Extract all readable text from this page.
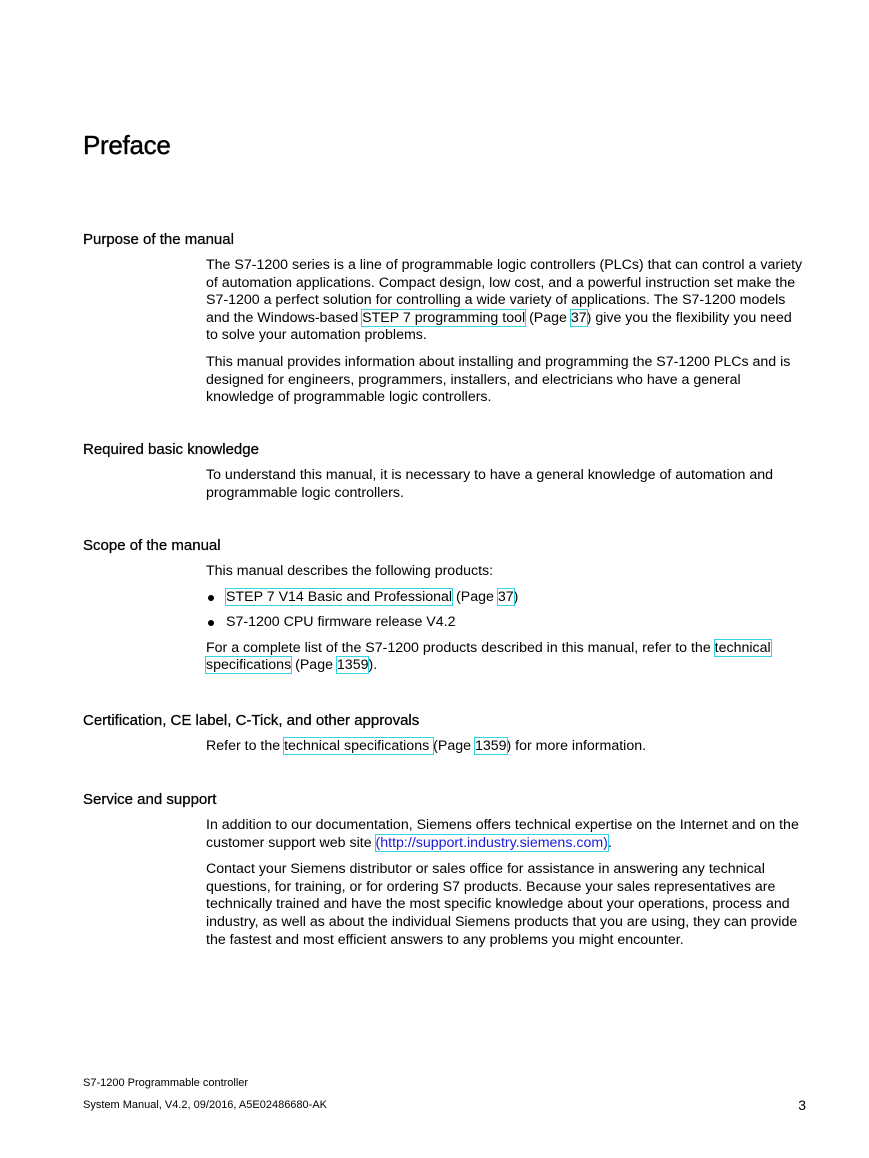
Preface
Purpose of the manual

The S7-1200 series is a line of programmable logic controllers (PLCs) that can control a variety of automation applications. Compact design, low cost, and a powerful instruction set make the S7-1200 a perfect solution for controlling a wide variety of applications. The S7-1200 models and the Windows-based STEP 7 programming tool (Page 37) give you the flexibility you need to solve your automation problems.

This manual provides information about installing and programming the S7-1200 PLCs and is designed for engineers, programmers, installers, and electricians who have a general knowledge of programmable logic controllers.

Required basic knowledge

To understand this manual, it is necessary to have a general knowledge of automation and programmable logic controllers.

Scope of the manual

This manual describes the following products:

STEP 7 V14 Basic and Professional (Page 37)
S7-1200 CPU firmware release V4.2

For a complete list of the S7-1200 products described in this manual, refer to the technical specifications (Page 1359).

Certification, CE label, C-Tick, and other approvals

Refer to the technical specifications (Page 1359) for more information.

Service and support

In addition to our documentation, Siemens offers technical expertise on the Internet and on the customer support web site (http://support.industry.siemens.com).

Contact your Siemens distributor or sales office for assistance in answering any technical questions, for training, or for ordering S7 products. Because your sales representatives are technically trained and have the most specific knowledge about your operations, process and industry, as well as about the individual Siemens products that you are using, they can provide the fastest and most efficient answers to any problems you might encounter.

S7-1200 Programmable controller
System Manual, V4.2, 09/2016, A5E02486680-AK	3
